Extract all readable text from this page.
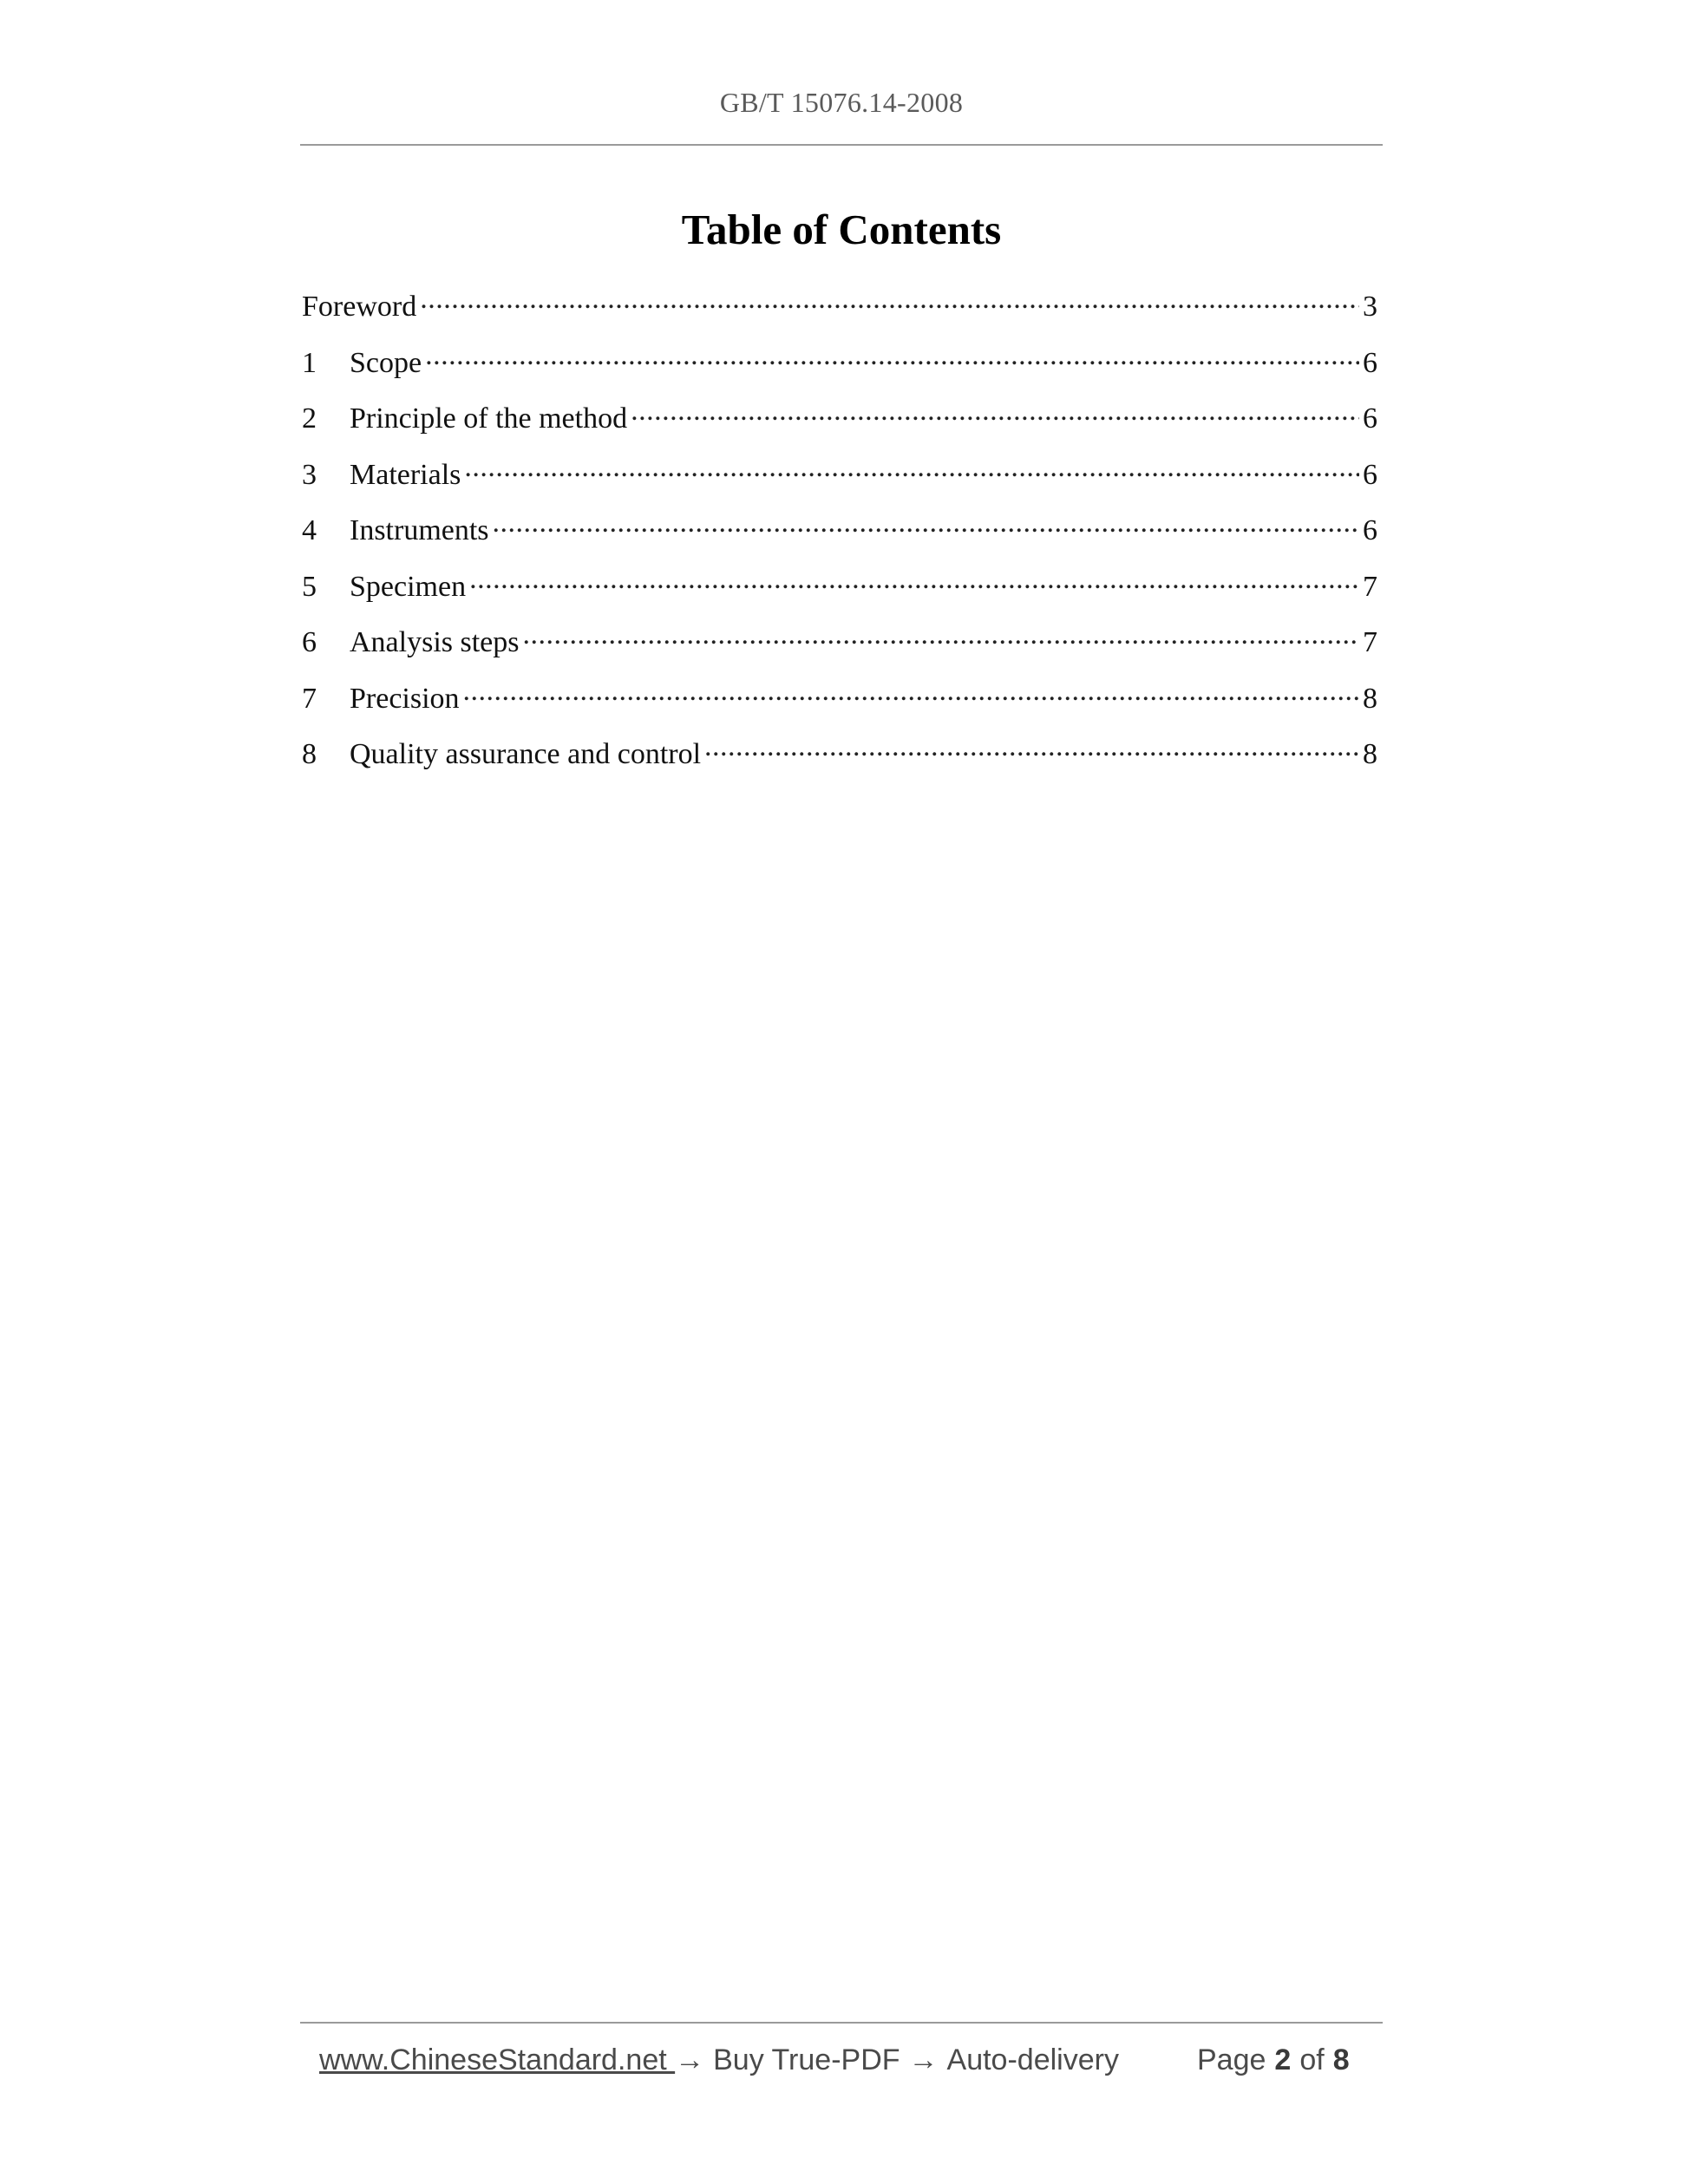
GB/T 15076.14-2008
Table of Contents
Foreword .....	3
1	Scope .....	6
2	Principle of the method .....	6
3	Materials .....	6
4	Instruments .....	6
5	Specimen .....	7
6	Analysis steps .....	7
7	Precision .....	8
8	Quality assurance and control .....	8
www.ChineseStandard.net → Buy True-PDF → Auto-delivery	Page 2 of 8
